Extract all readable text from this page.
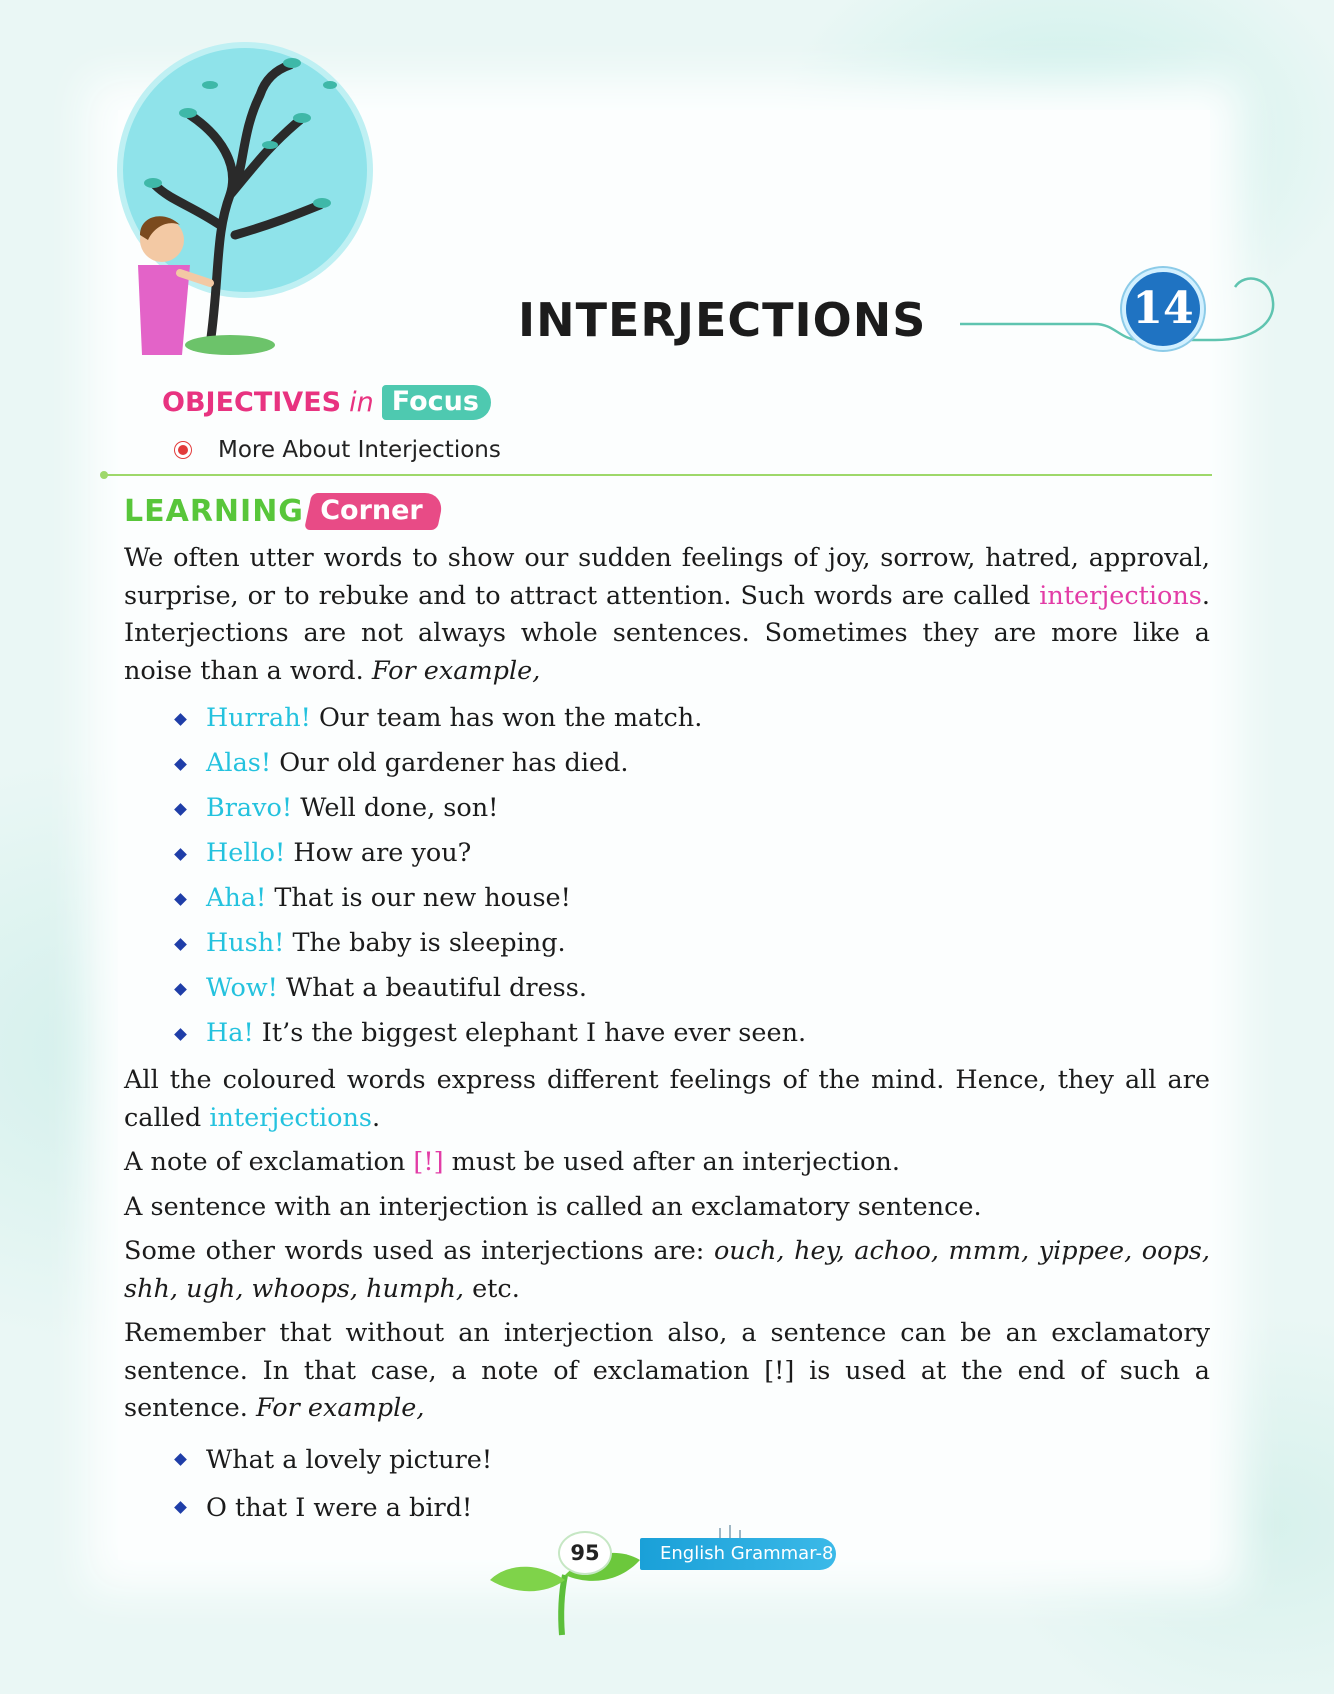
INTERJECTIONS	14
OBJECTIVES in Focus
More About Interjections
LEARNING Corner

We often utter words to show our sudden feelings of joy, sorrow, hatred, approval, surprise, or to rebuke and to attract attention. Such words are called interjections. Interjections are not always whole sentences. Sometimes they are more like a noise than a word. For example,

Hurrah! Our team has won the match.
Alas! Our old gardener has died.
Bravo! Well done, son!
Hello! How are you?
Aha! That is our new house!
Hush! The baby is sleeping.
Wow! What a beautiful dress.
Ha! It’s the biggest elephant I have ever seen.

All the coloured words express different feelings of the mind. Hence, they all are called interjections.

A note of exclamation [!] must be used after an interjection.

A sentence with an interjection is called an exclamatory sentence.

Some other words used as interjections are: ouch, hey, achoo, mmm, yippee, oops, shh, ugh, whoops, humph, etc.

Remember that without an interjection also, a sentence can be an exclamatory sentence. In that case, a note of exclamation [!] is used at the end of such a sentence. For example,

What a lovely picture!
O that I were a bird!
95	English Grammar-8
